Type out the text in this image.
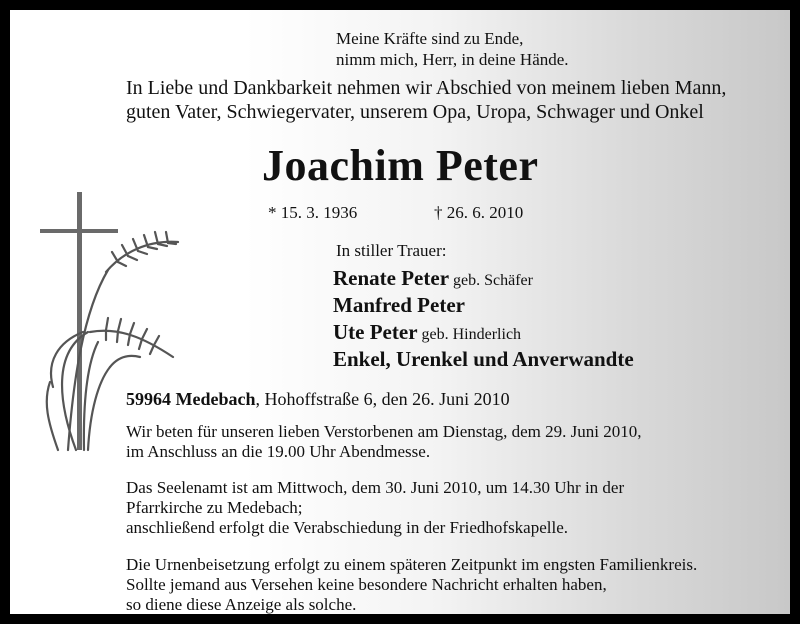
Meine Kräfte sind zu Ende,
nimm mich, Herr, in deine Hände.
In Liebe und Dankbarkeit nehmen wir Abschied von meinem lieben Mann,
guten Vater, Schwiegervater, unserem Opa, Uropa, Schwager und Onkel
Joachim Peter
* 15. 3. 1936	† 26. 6. 2010
In stiller Trauer:
Renate Peter geb. Schäfer
Manfred Peter
Ute Peter geb. Hinderlich
Enkel, Urenkel und Anverwandte
59964 Medebach, Hohoffstraße 6, den 26. Juni 2010
Wir beten für unseren lieben Verstorbenen am Dienstag, dem 29. Juni 2010,
im Anschluss an die 19.00 Uhr Abendmesse.
Das Seelenamt ist am Mittwoch, dem 30. Juni 2010, um 14.30 Uhr in der
Pfarrkirche zu Medebach;
anschließend erfolgt die Verabschiedung in der Friedhofskapelle.
Die Urnenbeisetzung erfolgt zu einem späteren Zeitpunkt im engsten Familienkreis.
Sollte jemand aus Versehen keine besondere Nachricht erhalten haben,
so diene diese Anzeige als solche.
